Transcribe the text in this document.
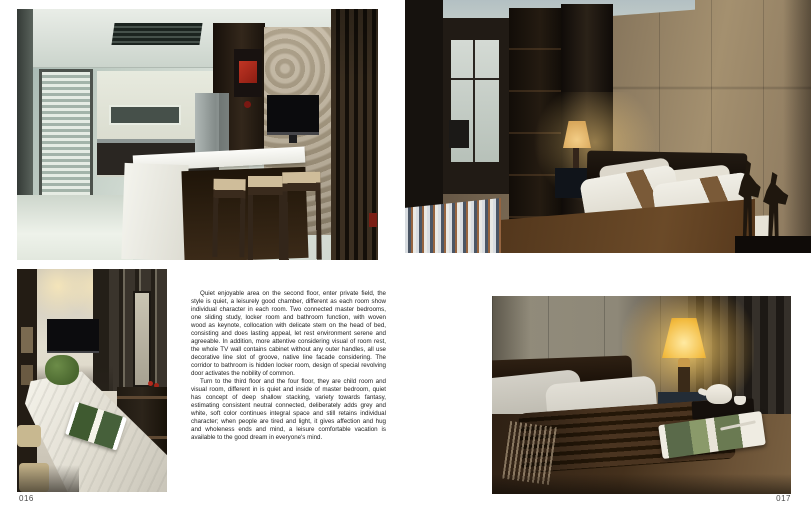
Quiet enjoyable area on the second floor, enter private field, the style is quiet, a leisurely good chamber, different as each room show individual character in each room. Two connected master bedrooms, one sliding study, locker room and bathroom function, with woven wood as keynote, collocation with delicate stem on the head of bed, consisting and does lasting appeal, let rest environment serene and agreeable. In addition, more attentive considering visual of room rest, the whole TV wall contains cabinet without any outer handles, all use decorative line slot of groove, native line facade considering. The corridor to bathroom is hidden locker room, design of special revolving door activates the nobility of common.

Turn to the third floor and the four floor, they are child room and visual room, different in is quiet and inside of master bedroom, quiet has concept of deep shallow stacking, variety towards fantasy, estimating consistent neutral connected, deliberately adds grey and white, soft color continues integral space and still retains individual character; when people are tired and light, it gives affection and hug and wholeness ends and mind, a leisure comfortable vacation is available to the good dream in everyone's mind.

016	017
